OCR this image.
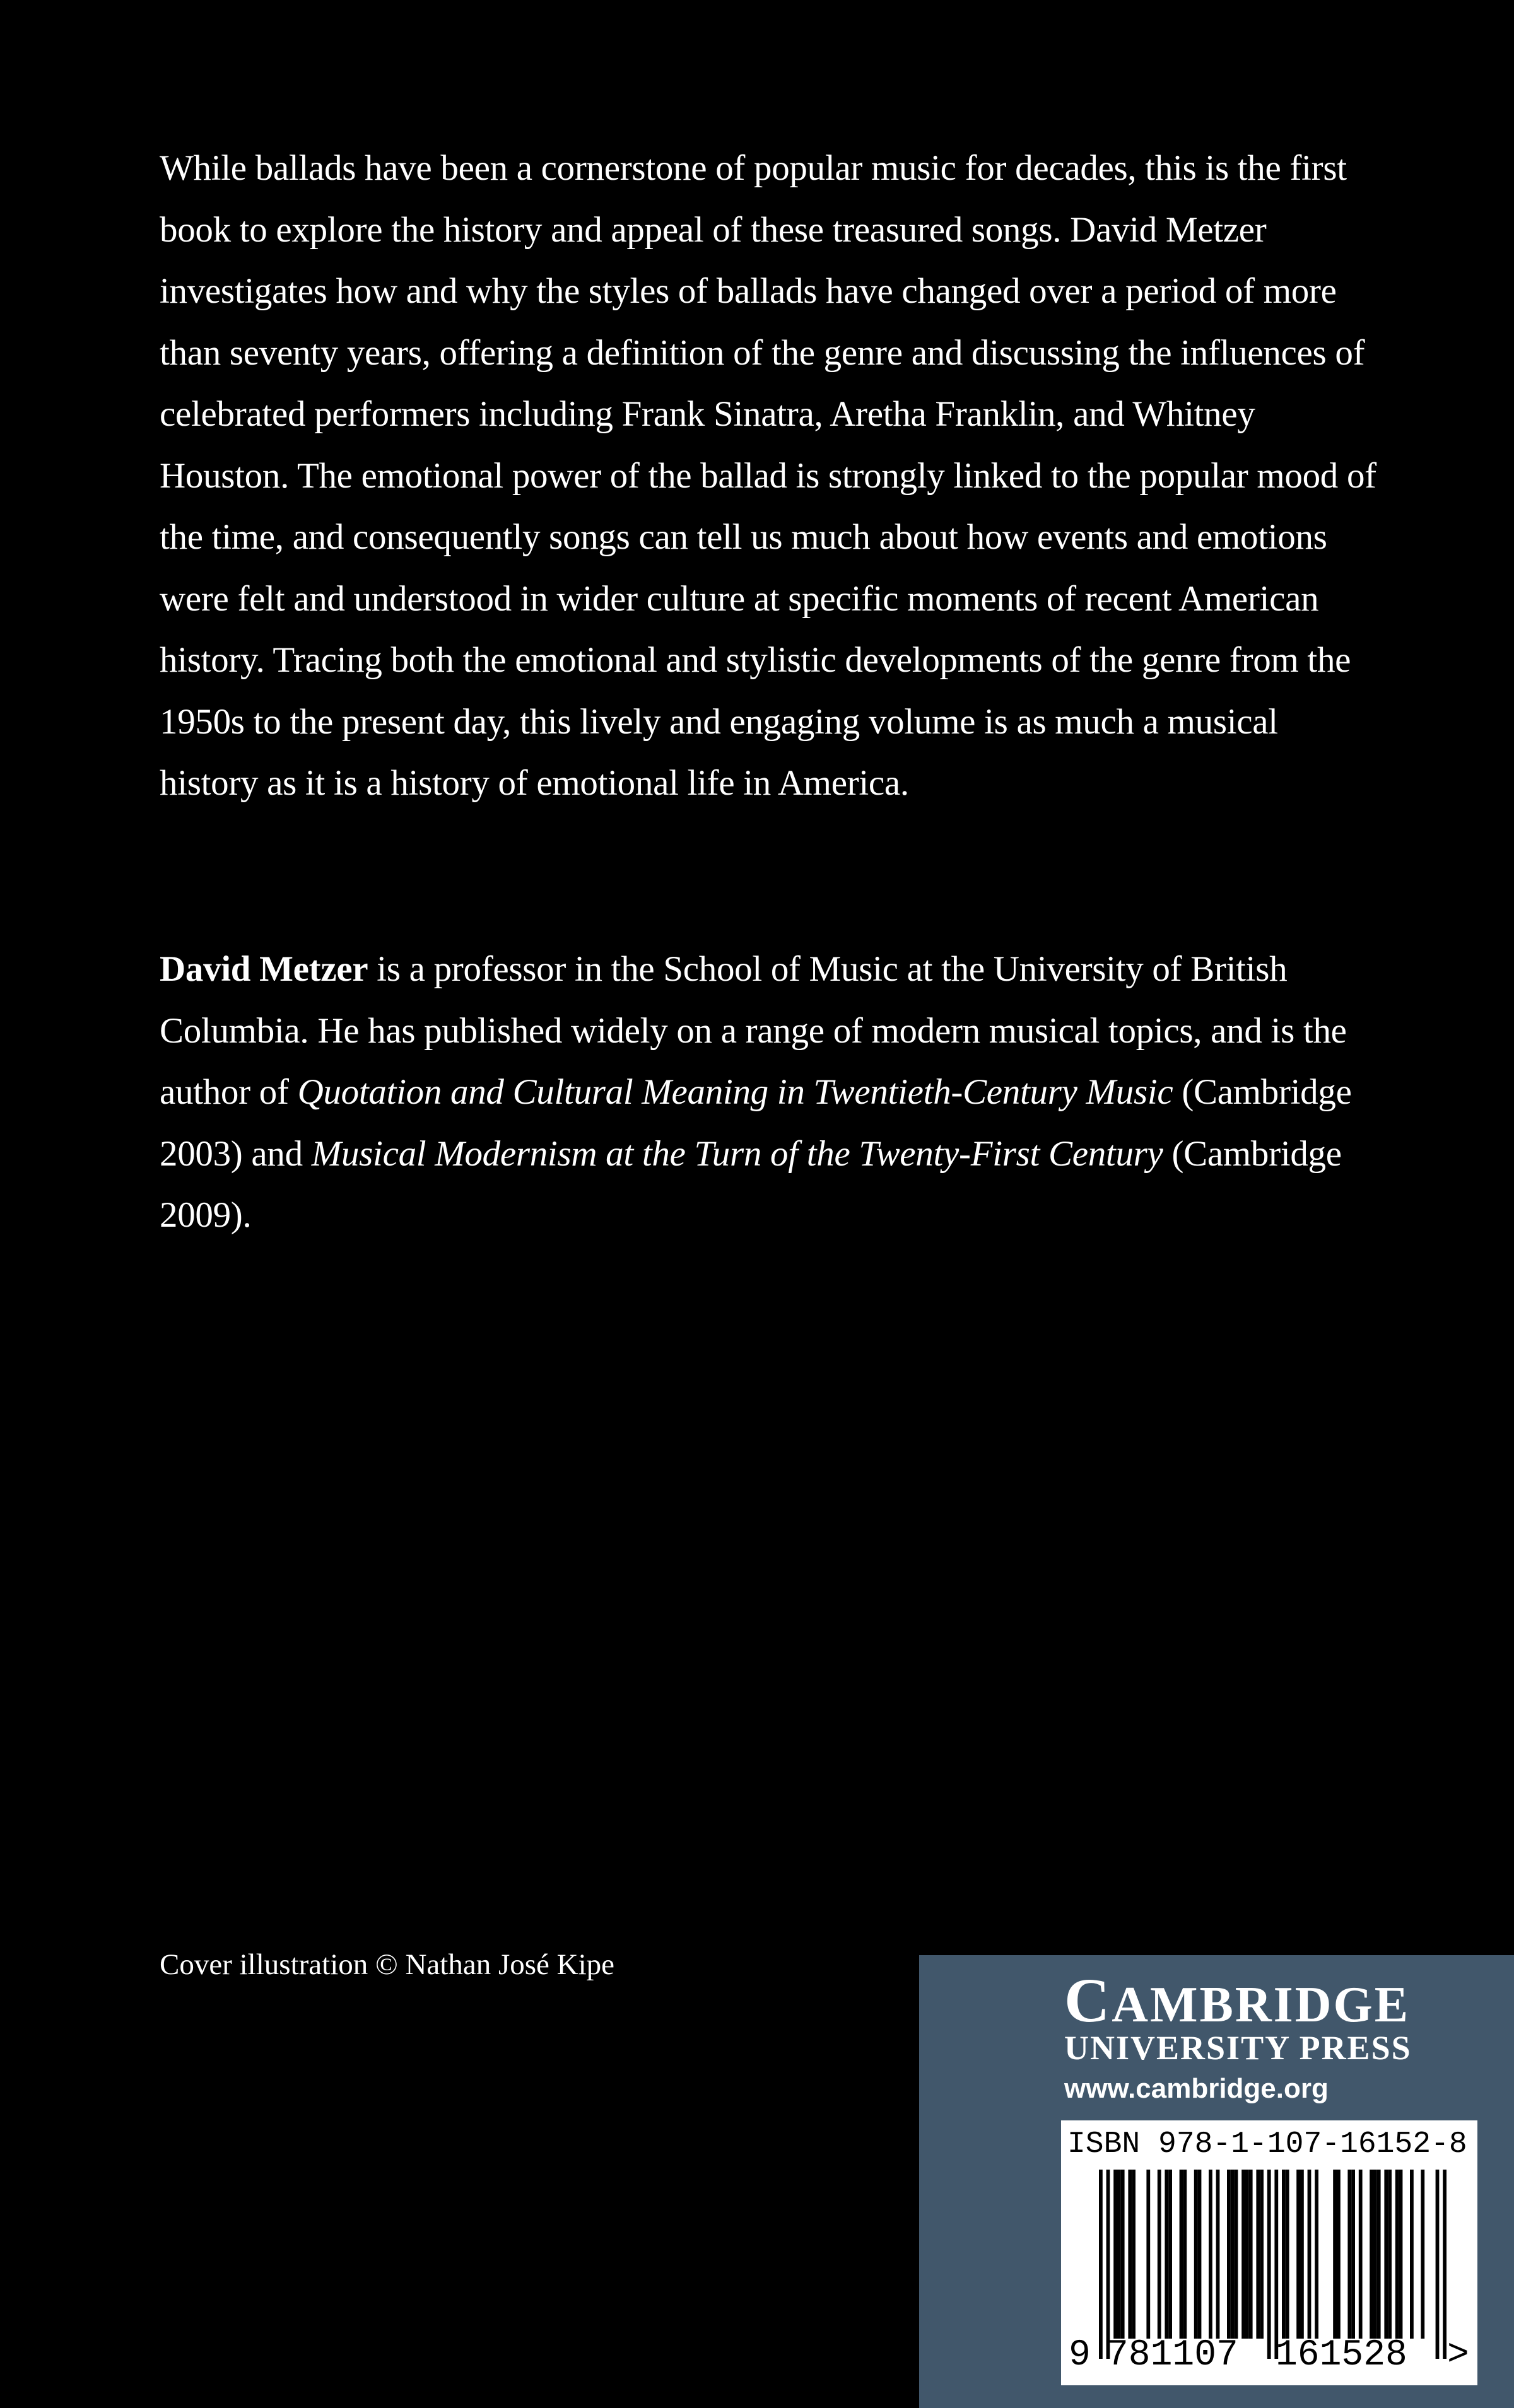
While ballads have been a cornerstone of popular music for decades, this is the first book to explore the history and appeal of these treasured songs. David Metzer investigates how and why the styles of ballads have changed over a period of more than seventy years, offering a definition of the genre and discussing the influences of celebrated performers including Frank Sinatra, Aretha Franklin, and Whitney Houston. The emotional power of the ballad is strongly linked to the popular mood of the time, and consequently songs can tell us much about how events and emotions were felt and understood in wider culture at specific moments of recent American history. Tracing both the emotional and stylistic developments of the genre from the 1950s to the present day, this lively and engaging volume is as much a musical history as it is a history of emotional life in America.

David Metzer is a professor in the School of Music at the University of British Columbia. He has published widely on a range of modern musical topics, and is the author of Quotation and Cultural Meaning in Twentieth-Century Music (Cambridge 2003) and Musical Modernism at the Turn of the Twenty-First Century (Cambridge 2009).

Cover illustration © Nathan José Kipe

CAMBRIDGE
UNIVERSITY PRESS
www.cambridge.org
ISBN 978-1-107-16152-8
9 781107 161528 >
